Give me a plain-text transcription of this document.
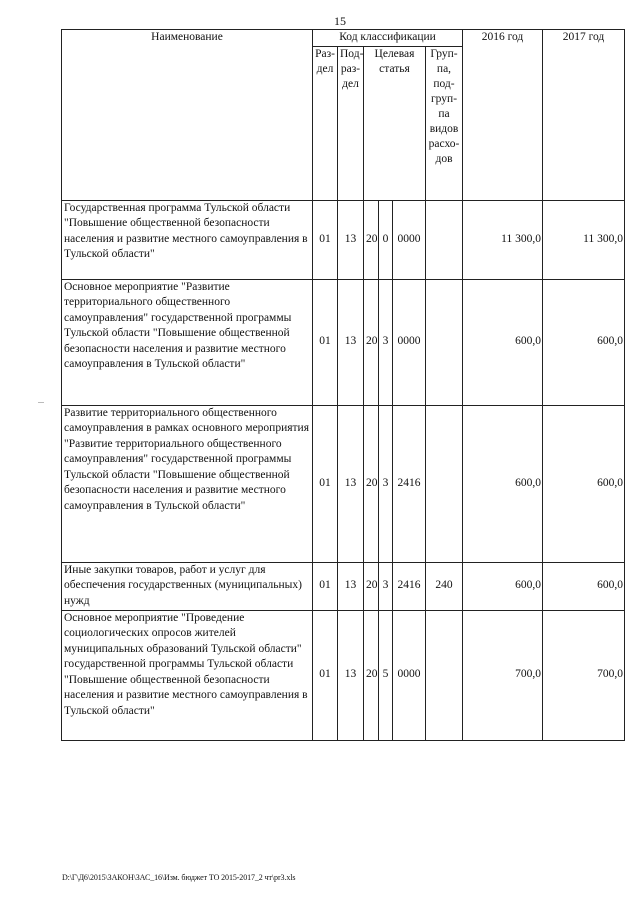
15
Наименование	Код классификации						2016 год	2017 год
	Раз-дел	Под-раз-дел	Целевая статья			Груп-па, под-груп-па видов расхо-дов		
Государственная программа Тульской области "Повышение общественной безопасности населения и развитие местного самоуправления в Тульской области"	01	13	20	0	0000		11 300,0	11 300,0
Основное мероприятие "Развитие территориального общественного самоуправления" государственной программы Тульской области "Повышение общественной безопасности населения и развитие местного самоуправления в Тульской области"	01	13	20	3	0000		600,0	600,0
Развитие территориального общественного самоуправления в рамках основного мероприятия "Развитие территориального общественного самоуправления" государственной программы Тульской области "Повышение общественной безопасности населения и развитие местного самоуправления в Тульской области"	01	13	20	3	2416		600,0	600,0
Иные закупки товаров, работ и услуг для обеспечения государственных (муниципальных) нужд	01	13	20	3	2416	240	600,0	600,0
Основное мероприятие "Проведение социологических опросов жителей муниципальных образований Тульской области" государственной программы Тульской области "Повышение общественной безопасности населения и развитие местного самоуправления в Тульской области"	01	13	20	5	0000		700,0	700,0
D:\Г\Д6\2015\ЗАКОН\ЗАС_16\Изм. бюджет ТО 2015-2017_2 чт\pr3.xls
